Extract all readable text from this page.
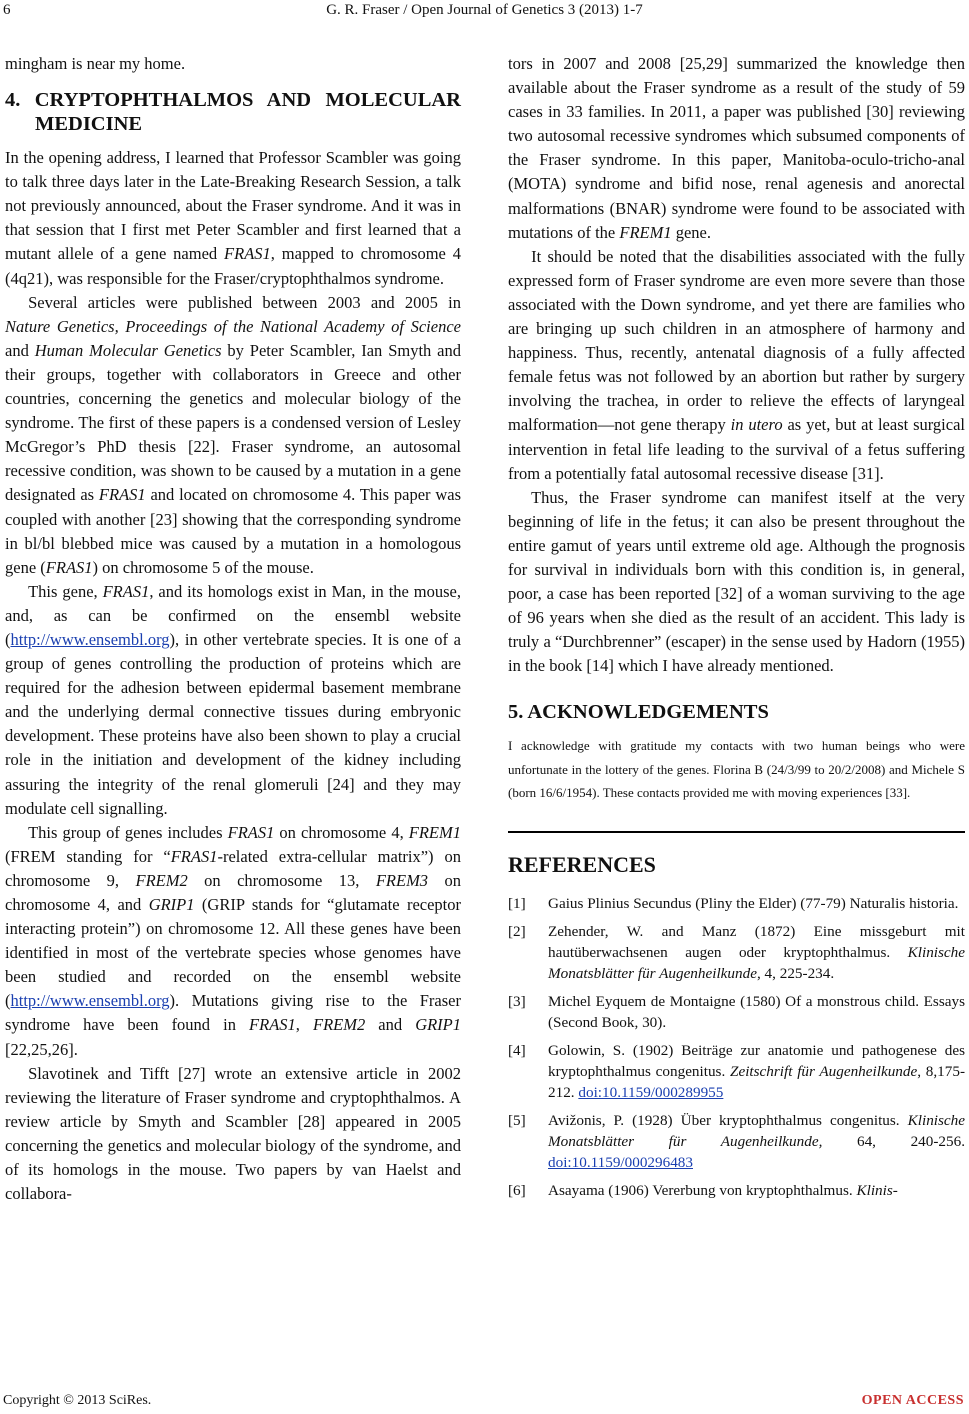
6	G. R. Fraser / Open Journal of Genetics 3 (2013) 1-7

mingham is near my home.

4. CRYPTOPHTHALMOS AND MOLECULAR MEDICINE

In the opening address, I learned that Professor Scambler was going to talk three days later in the Late-Breaking Research Session, a talk not previously announced, about the Fraser syndrome. And it was in that session that I first met Peter Scambler and first learned that a mutant allele of a gene named FRAS1, mapped to chromosome 4 (4q21), was responsible for the Fraser/cryptophthalmos syndrome.

Several articles were published between 2003 and 2005 in Nature Genetics, Proceedings of the National Academy of Science and Human Molecular Genetics by Peter Scambler, Ian Smyth and their groups, together with collaborators in Greece and other countries, concerning the genetics and molecular biology of the syndrome. The first of these papers is a condensed version of Lesley McGregor’s PhD thesis [22]. Fraser syndrome, an autosomal recessive condition, was shown to be caused by a mutation in a gene designated as FRAS1 and located on chromosome 4. This paper was coupled with another [23] showing that the corresponding syndrome in bl/bl blebbed mice was caused by a mutation in a homologous gene (FRAS1) on chromosome 5 of the mouse.

This gene, FRAS1, and its homologs exist in Man, in the mouse, and, as can be confirmed on the ensembl website (http://www.ensembl.org), in other vertebrate species. It is one of a group of genes controlling the production of proteins which are required for the adhesion between epidermal basement membrane and the underlying dermal connective tissues during embryonic development. These proteins have also been shown to play a crucial role in the initiation and development of the kidney including assuring the integrity of the renal glomeruli [24] and they may modulate cell signalling.

This group of genes includes FRAS1 on chromosome 4, FREM1 (FREM standing for “FRAS1-related extra-cellular matrix”) on chromosome 9, FREM2 on chromosome 13, FREM3 on chromosome 4, and GRIP1 (GRIP stands for “glutamate receptor interacting protein”) on chromosome 12. All these genes have been identified in most of the vertebrate species whose genomes have been studied and recorded on the ensembl website (http://www.ensembl.org). Mutations giving rise to the Fraser syndrome have been found in FRAS1, FREM2 and GRIP1 [22,25,26].

Slavotinek and Tifft [27] wrote an extensive article in 2002 reviewing the literature of Fraser syndrome and cryptophthalmos. A review article by Smyth and Scambler [28] appeared in 2005 concerning the genetics and molecular biology of the syndrome, and of its homologs in the mouse. Two papers by van Haelst and collabora-

tors in 2007 and 2008 [25,29] summarized the knowledge then available about the Fraser syndrome as a result of the study of 59 cases in 33 families. In 2011, a paper was published [30] reviewing two autosomal recessive syndromes which subsumed components of the Fraser syndrome. In this paper, Manitoba-oculo-tricho-anal (MOTA) syndrome and bifid nose, renal agenesis and anorectal malformations (BNAR) syndrome were found to be associated with mutations of the FREM1 gene.

It should be noted that the disabilities associated with the fully expressed form of Fraser syndrome are even more severe than those associated with the Down syndrome, and yet there are families who are bringing up such children in an atmosphere of harmony and happiness. Thus, recently, antenatal diagnosis of a fully affected female fetus was not followed by an abortion but rather by surgery involving the trachea, in order to relieve the effects of laryngeal malformation—not gene therapy in utero as yet, but at least surgical intervention in fetal life leading to the survival of a fetus suffering from a potentially fatal autosomal recessive disease [31].

Thus, the Fraser syndrome can manifest itself at the very beginning of life in the fetus; it can also be present throughout the entire gamut of years until extreme old age. Although the prognosis for survival in individuals born with this condition is, in general, poor, a case has been reported [32] of a woman surviving to the age of 96 years when she died as the result of an accident. This lady is truly a “Durchbrenner” (escaper) in the sense used by Hadorn (1955) in the book [14] which I have already mentioned.

5. ACKNOWLEDGEMENTS

I acknowledge with gratitude my contacts with two human beings who were unfortunate in the lottery of the genes. Florina B (24/3/99 to 20/2/2008) and Michele S (born 16/6/1954). These contacts provided me with moving experiences [33].

REFERENCES
[1]	Gaius Plinius Secundus (Pliny the Elder) (77-79) Naturalis historia.
[2]	Zehender, W. and Manz (1872) Eine missgeburt mit hautüberwachsenen augen oder kryptophthalmus. Klinische Monatsblätter für Augenheilkunde, 4, 225-234.
[3]	Michel Eyquem de Montaigne (1580) Of a monstrous child. Essays (Second Book, 30).
[4]	Golowin, S. (1902) Beiträge zur anatomie und pathogenese des kryptophthalmus congenitus. Zeitschrift für Augenheilkunde, 8,175-212. doi:10.1159/000289955
[5]	Avižonis, P. (1928) Über kryptophthalmus congenitus. Klinische Monatsblätter für Augenheilkunde, 64, 240-256. doi:10.1159/000296483
[6]	Asayama (1906) Vererbung von kryptophthalmus. Klinis-
Copyright © 2013 SciRes.	OPEN ACCESS
